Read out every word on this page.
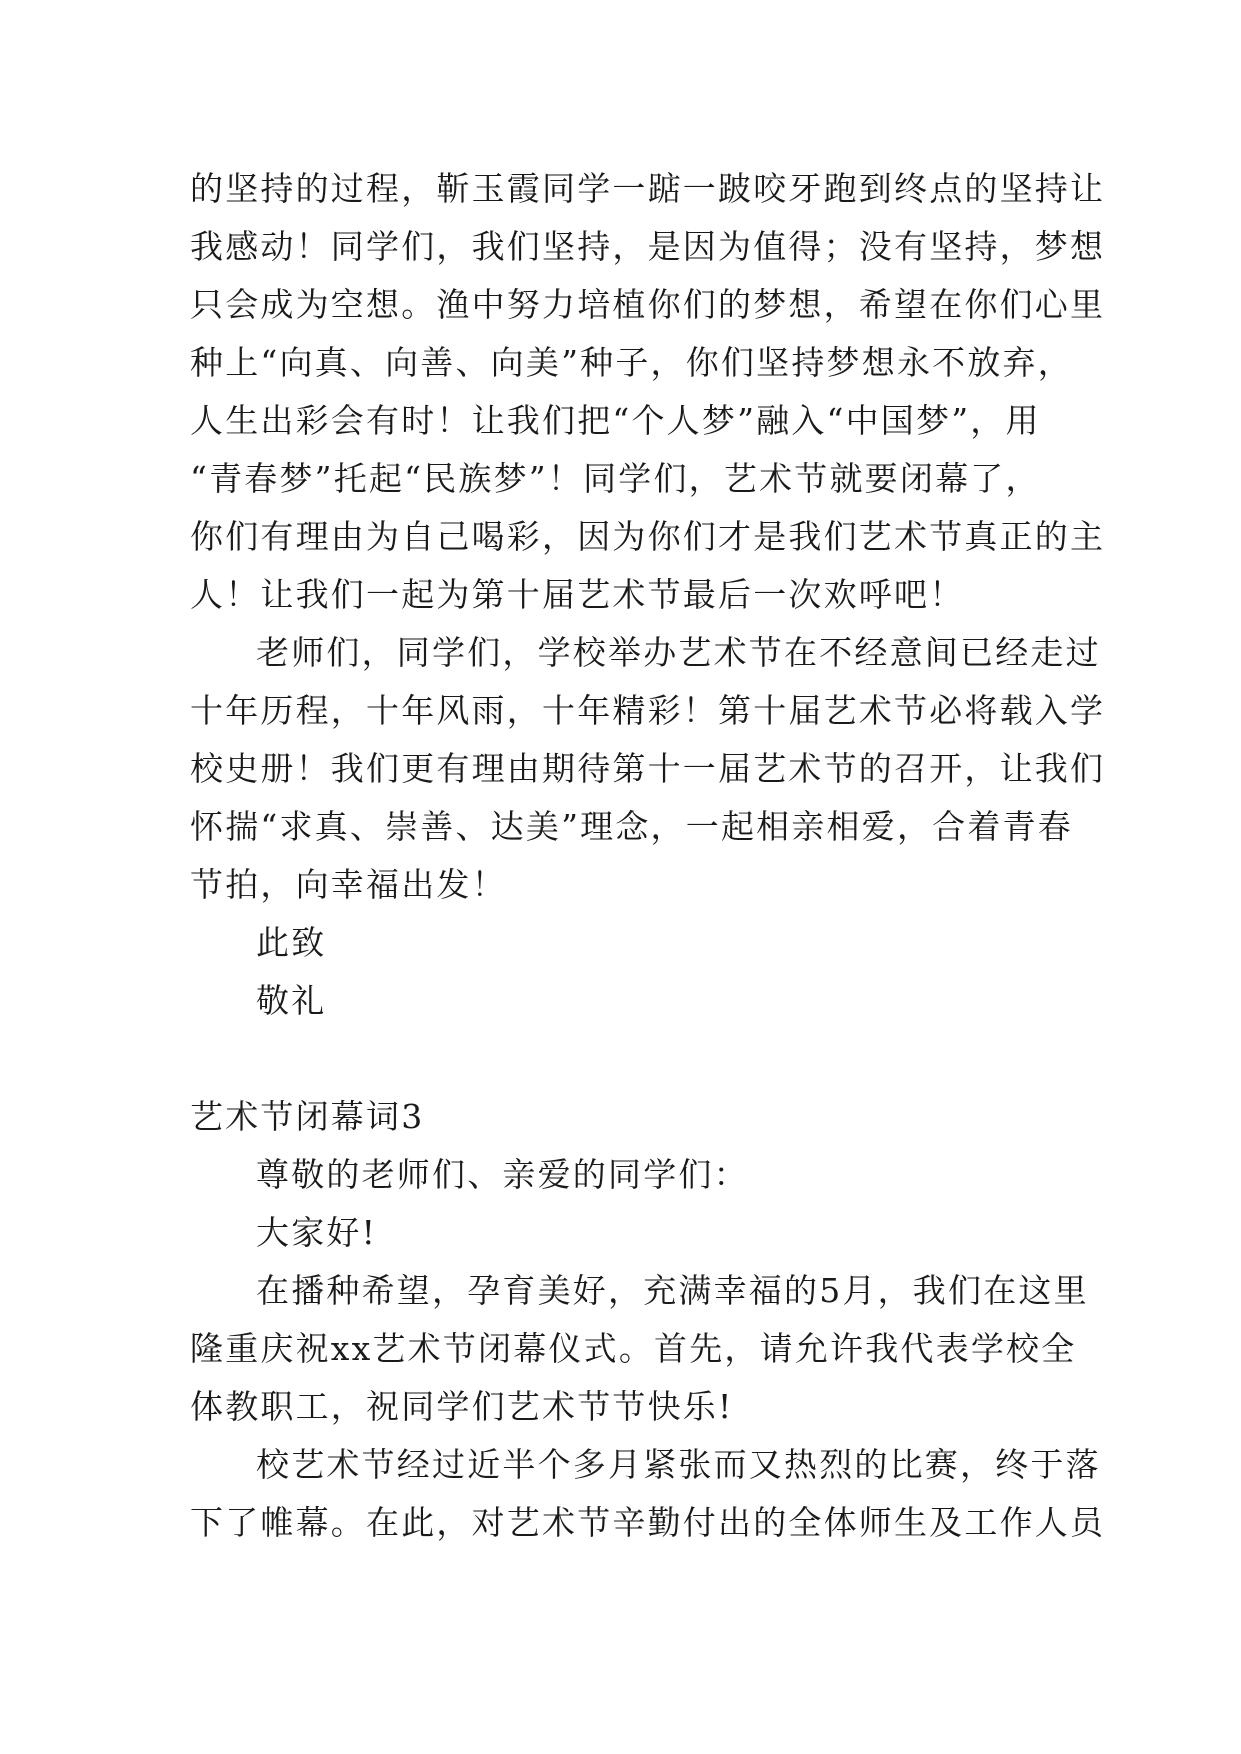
的坚持的过程，靳玉霞同学一踮一跛咬牙跑到终点的坚持让
我感动！同学们，我们坚持，是因为值得；没有坚持，梦想
只会成为空想。渔中努力培植你们的梦想，希望在你们心里
种上“向真、向善、向美”种子，你们坚持梦想永不放弃，
人生出彩会有时！让我们把“个人梦”融入“中国梦”，用
“青春梦”托起“民族梦”！同学们，艺术节就要闭幕了，
你们有理由为自己喝彩，因为你们才是我们艺术节真正的主
人！让我们一起为第十届艺术节最后一次欢呼吧！
老师们，同学们，学校举办艺术节在不经意间已经走过
十年历程，十年风雨，十年精彩！第十届艺术节必将载入学
校史册！我们更有理由期待第十一届艺术节的召开，让我们
怀揣“求真、崇善、达美”理念，一起相亲相爱，合着青春
节拍，向幸福出发！
此致
敬礼
艺术节闭幕词3
尊敬的老师们、亲爱的同学们：
大家好!
在播种希望，孕育美好，充满幸福的5月，我们在这里
隆重庆祝xx艺术节闭幕仪式。首先，请允许我代表学校全
体教职工，祝同学们艺术节节快乐!
校艺术节经过近半个多月紧张而又热烈的比赛，终于落
下了帷幕。在此，对艺术节辛勤付出的全体师生及工作人员
